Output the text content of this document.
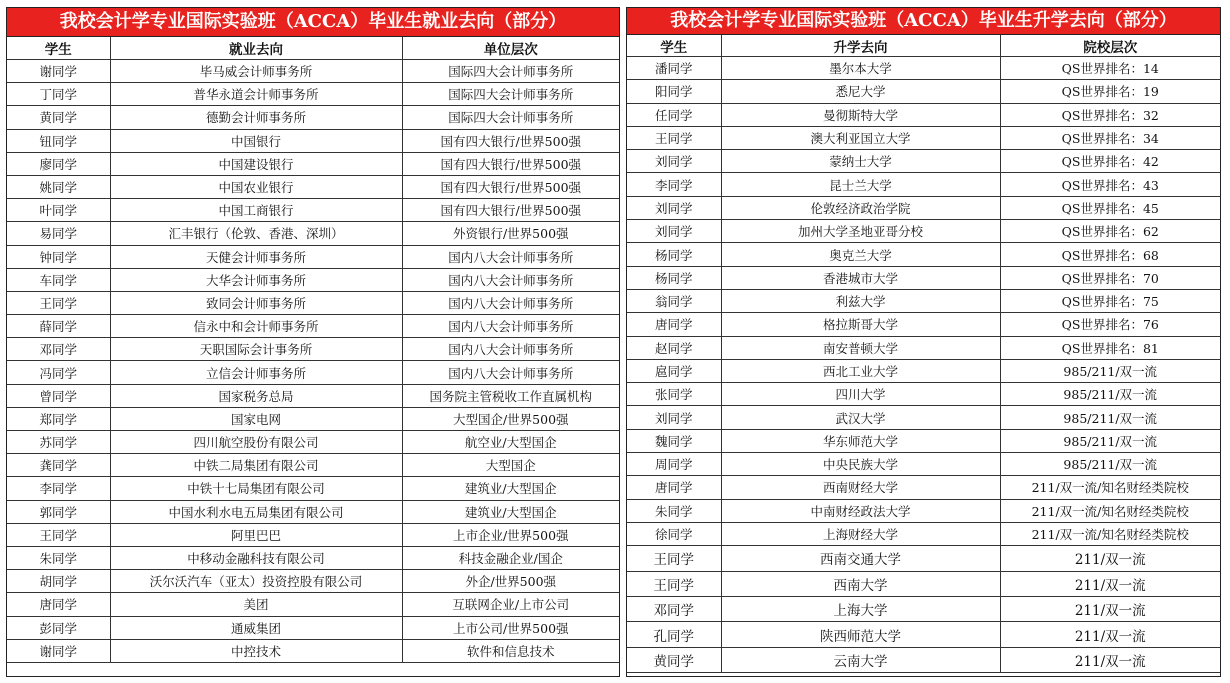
我校会计学专业国际实验班（ACCA）毕业生就业去向（部分）
学生	就业去向	单位层次
谢同学	毕马威会计师事务所	国际四大会计师事务所
丁同学	普华永道会计师事务所	国际四大会计师事务所
黄同学	德勤会计师事务所	国际四大会计师事务所
钮同学	中国银行	国有四大银行/世界500强
廖同学	中国建设银行	国有四大银行/世界500强
姚同学	中国农业银行	国有四大银行/世界500强
叶同学	中国工商银行	国有四大银行/世界500强
易同学	汇丰银行（伦敦、香港、深圳）	外资银行/世界500强
钟同学	天健会计师事务所	国内八大会计师事务所
车同学	大华会计师事务所	国内八大会计师事务所
王同学	致同会计师事务所	国内八大会计师事务所
薛同学	信永中和会计师事务所	国内八大会计师事务所
邓同学	天职国际会计事务所	国内八大会计师事务所
冯同学	立信会计师事务所	国内八大会计师事务所
曾同学	国家税务总局	国务院主管税收工作直属机构
郑同学	国家电网	大型国企/世界500强
苏同学	四川航空股份有限公司	航空业/大型国企
龚同学	中铁二局集团有限公司	大型国企
李同学	中铁十七局集团有限公司	建筑业/大型国企
郭同学	中国水利水电五局集团有限公司	建筑业/大型国企
王同学	阿里巴巴	上市企业/世界500强
朱同学	中移动金融科技有限公司	科技金融企业/国企
胡同学	沃尔沃汽车（亚太）投资控股有限公司	外企/世界500强
唐同学	美团	互联网企业/上市公司
彭同学	通威集团	上市公司/世界500强
谢同学	中控技术	软件和信息技术
我校会计学专业国际实验班（ACCA）毕业生升学去向（部分）
学生	升学去向	院校层次
潘同学	墨尔本大学	QS世界排名：14
阳同学	悉尼大学	QS世界排名：19
任同学	曼彻斯特大学	QS世界排名：32
王同学	澳大利亚国立大学	QS世界排名：34
刘同学	蒙纳士大学	QS世界排名：42
李同学	昆士兰大学	QS世界排名：43
刘同学	伦敦经济政治学院	QS世界排名：45
刘同学	加州大学圣地亚哥分校	QS世界排名：62
杨同学	奥克兰大学	QS世界排名：68
杨同学	香港城市大学	QS世界排名：70
翁同学	利兹大学	QS世界排名：75
唐同学	格拉斯哥大学	QS世界排名：76
赵同学	南安普顿大学	QS世界排名：81
扈同学	西北工业大学	985/211/双一流
张同学	四川大学	985/211/双一流
刘同学	武汉大学	985/211/双一流
魏同学	华东师范大学	985/211/双一流
周同学	中央民族大学	985/211/双一流
唐同学	西南财经大学	211/双一流/知名财经类院校
朱同学	中南财经政法大学	211/双一流/知名财经类院校
徐同学	上海财经大学	211/双一流/知名财经类院校
王同学	西南交通大学	211/双一流
王同学	西南大学	211/双一流
邓同学	上海大学	211/双一流
孔同学	陕西师范大学	211/双一流
黄同学	云南大学	211/双一流
